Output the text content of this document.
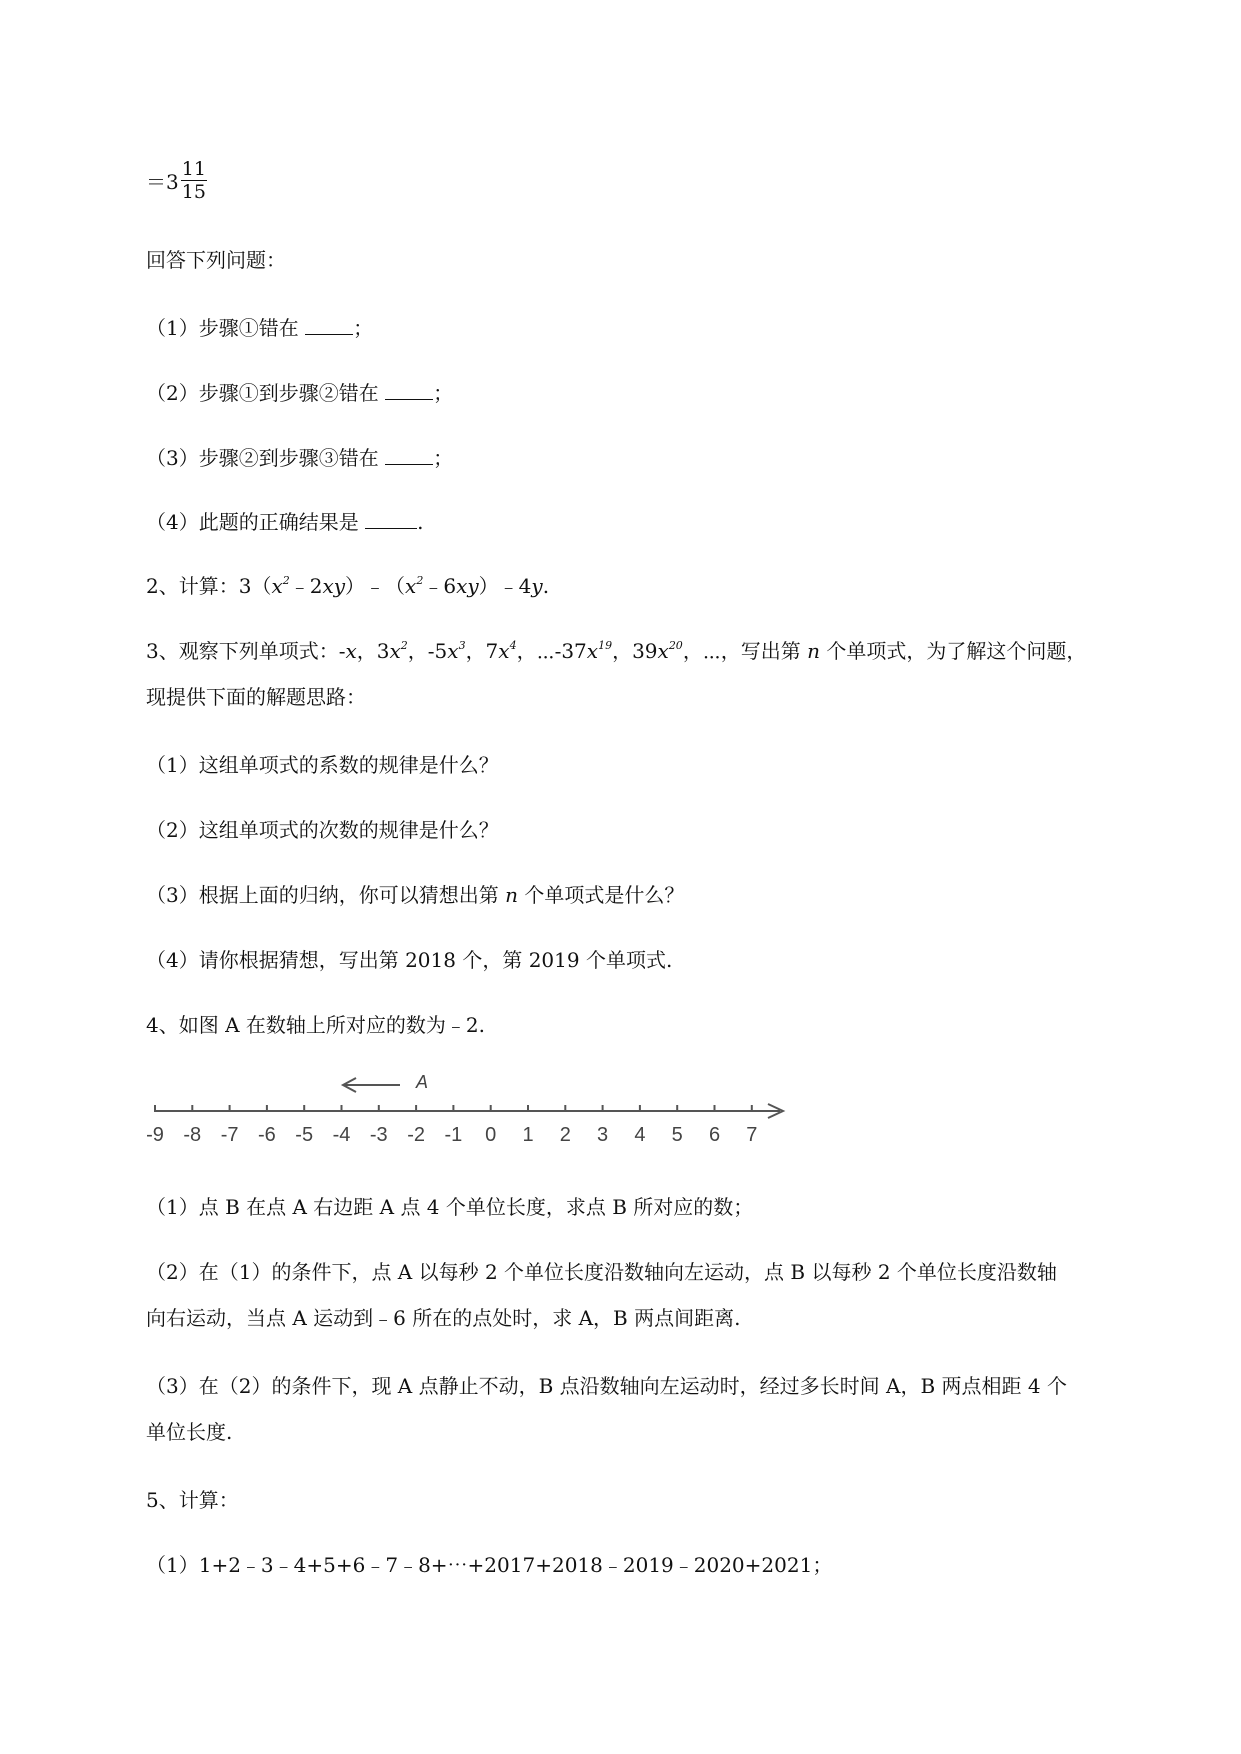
$=3 \frac{11}{15}$
回答下列问题：
（1）步骤①错在 ；
（2）步骤①到步骤②错在 ；
（3）步骤②到步骤③错在 ；
（4）此题的正确结果是	.
2、计算：$3(x^2﹣2xy)﹣(x^2﹣6xy)﹣4y$.
3、观察下列单项式：-x，$3x^2$，$-5x^3$，$7x^4$，$\cdots-37x^{19}$，$39x^{20}$，⋯，写出第 n 个单项式，为了解这个问题，
现提供下面的解题思路：
（1）这组单项式的系数的规律是什么？
（2）这组单项式的次数的规律是什么？
（3）根据上面的归纳，你可以猜想出第 n 个单项式是什么？
（4）请你根据猜想，写出第 2018 个，第 2019 个单项式.
4、如图 A 在数轴上所对应的数为﹣2.
A
-9 -8 -7 -6 -5 -4 -3 -2 -1 0 1 2 3 4 5 6 7
（1）点 B 在点 A 右边距 A 点 4 个单位长度，求点 B 所对应的数；
（2）在（1）的条件下，点 A 以每秒 2 个单位长度沿数轴向左运动，点 B 以每秒 2 个单位长度沿数轴
向右运动，当点 A 运动到﹣6 所在的点处时，求 A，B 两点间距离.
（3）在（2）的条件下，现 A 点静止不动，B 点沿数轴向左运动时，经过多长时间 A，B 两点相距 4 个
单位长度.
5、计算：
（1）1+2﹣3﹣4+5+6﹣7﹣8+⋯+2017+2018﹣2019﹣2020+2021；
